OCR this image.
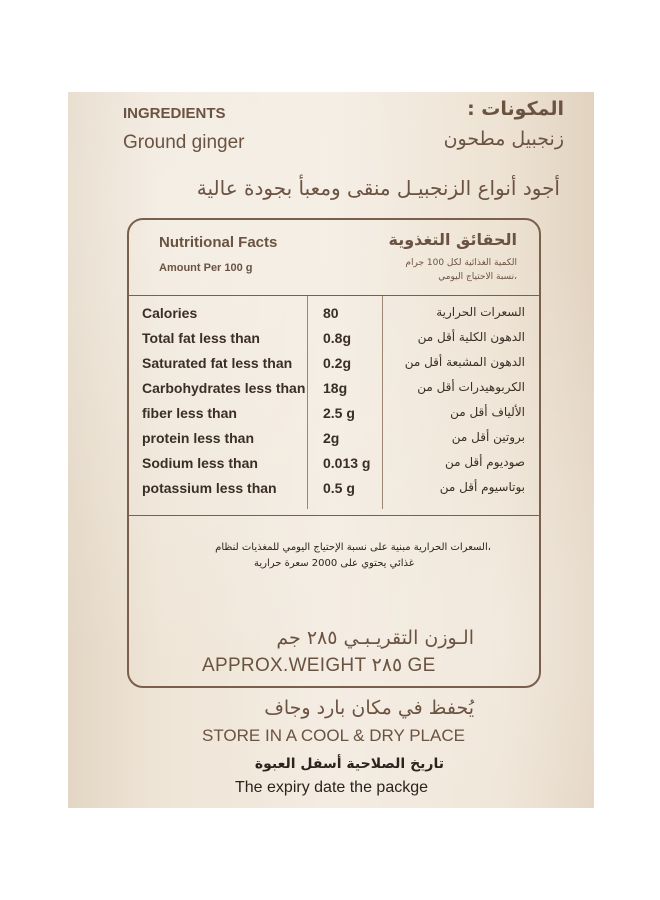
INGREDIENTS	المكونات :
Ground ginger	زنجبيل مطحون
أجود أنواع الزنجبيـل منقى ومعبأ بجودة عالية
Nutritional Facts	الحقائق التغذوية
Amount Per 100 g	الكمية الغذائية لكل 100 جرام
،نسبة الاحتياج اليومي
Calories	80	السعرات الحرارية
Total fat less than	0.8g	الدهون الكلية أقل من
Saturated fat less than 0.2g	الدهون المشبعة أقل من
Carbohydrates less than 18g	الكربوهيدرات أقل من
fiber less than	2.5 g	الألياف أقل من
protein less than	2g	بروتين أقل من
Sodium less than	0.013 g	صوديوم أقل من
potassium less than	0.5 g	بوتاسيوم أقل من
،السعرات الحرارية مبنية على نسبة الإحتياج اليومي للمغذيات لنظام
غذائي يحتوي على 2000 سعرة حرارية
الـوزن التقريـبـي ٢٨٥ جم
APPROX.WEIGHT ٢٨٥ GE
يُحفظ في مكان بارد وجاف
STORE IN A COOL & DRY PLACE
تاريخ الصلاحية أسفل العبوة
The expiry date the packge
